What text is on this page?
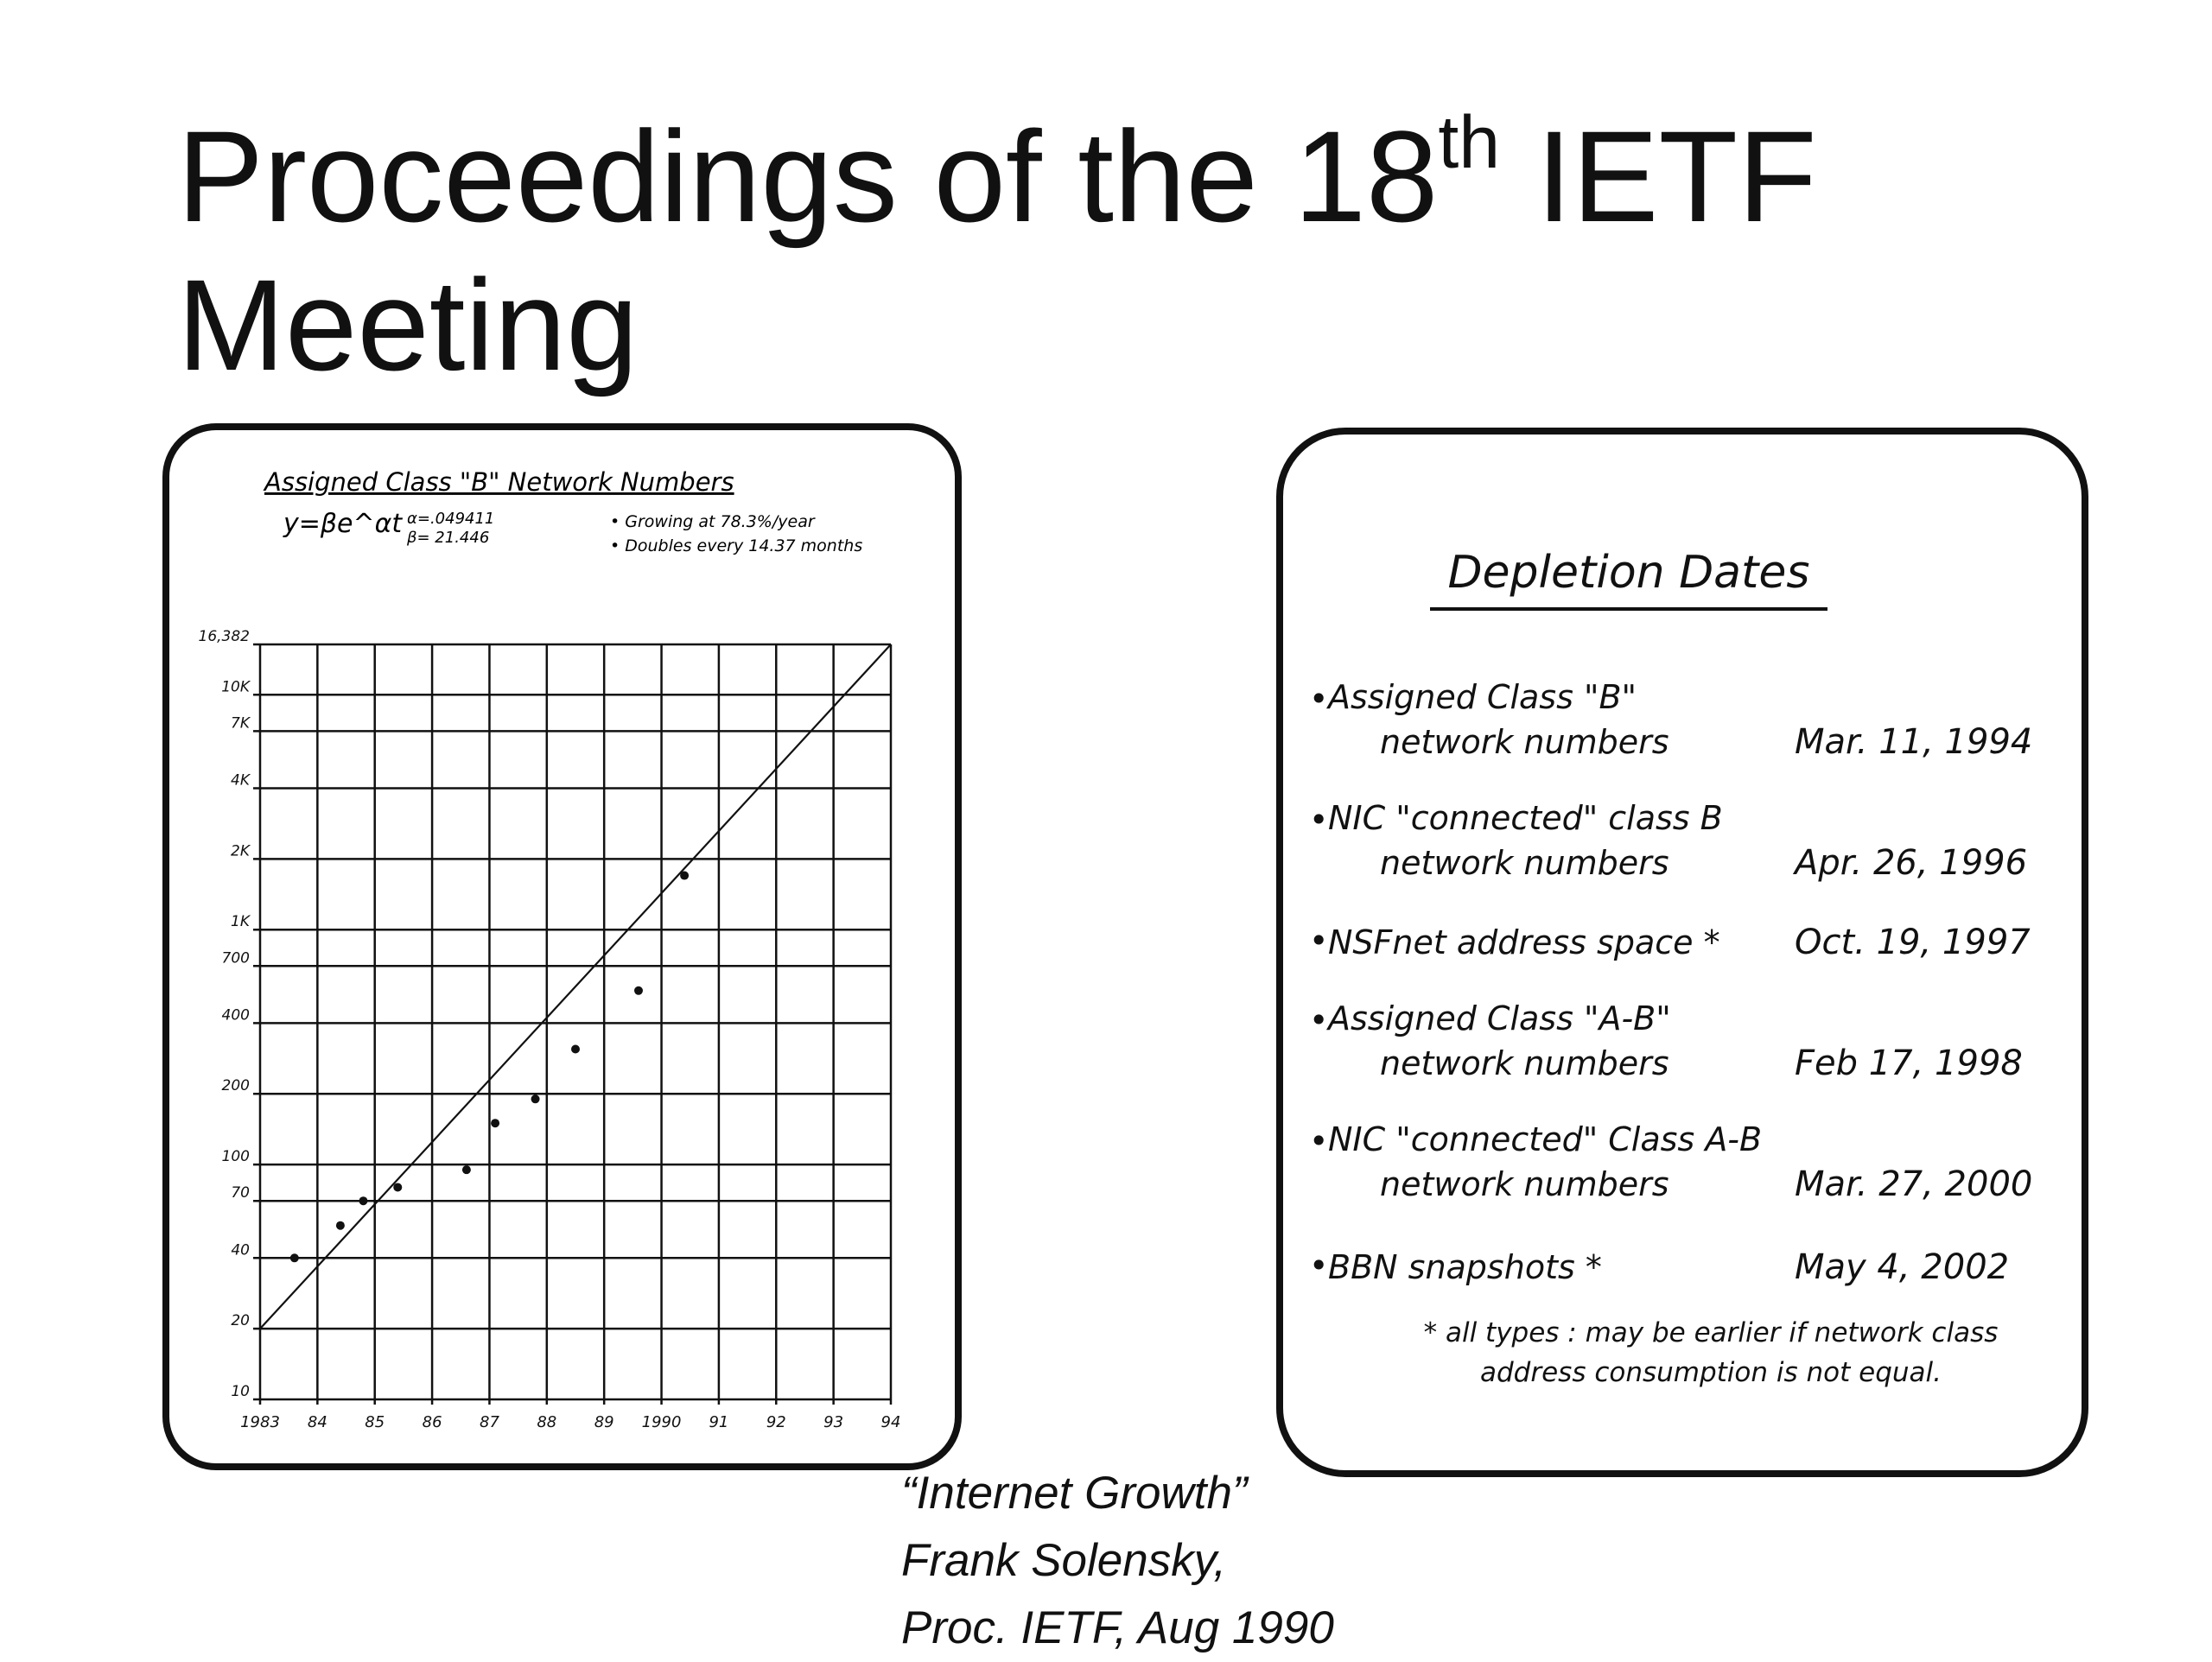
Proceedings of the 18th IETF
Meeting
Assigned Class "B" Network Numbers
y=βe^αt α=.049411
β= 21.446
• Growing at 78.3%/year
• Doubles every 14.37 months
16,382
10K
7K
4K
2K
1K
700
400
200
100
70
40
20
10
1983 84 85 86 87 88 89 1990 91 92 93 94
Depletion Dates
• Assigned Class "B"
network numbers	Mar. 11, 1994
• NIC "connected" class B
network numbers	Apr. 26, 1996
• NSFnet address space *	Oct. 19, 1997
• Assigned Class "A-B"
network numbers	Feb 17, 1998
• NIC "connected" Class A-B
network numbers	Mar. 27, 2000
• BBN snapshots *	May 4, 2002
* all types : may be earlier if network class
address consumption is not equal.
“Internet Growth”
Frank Solensky,
Proc. IETF, Aug 1990
